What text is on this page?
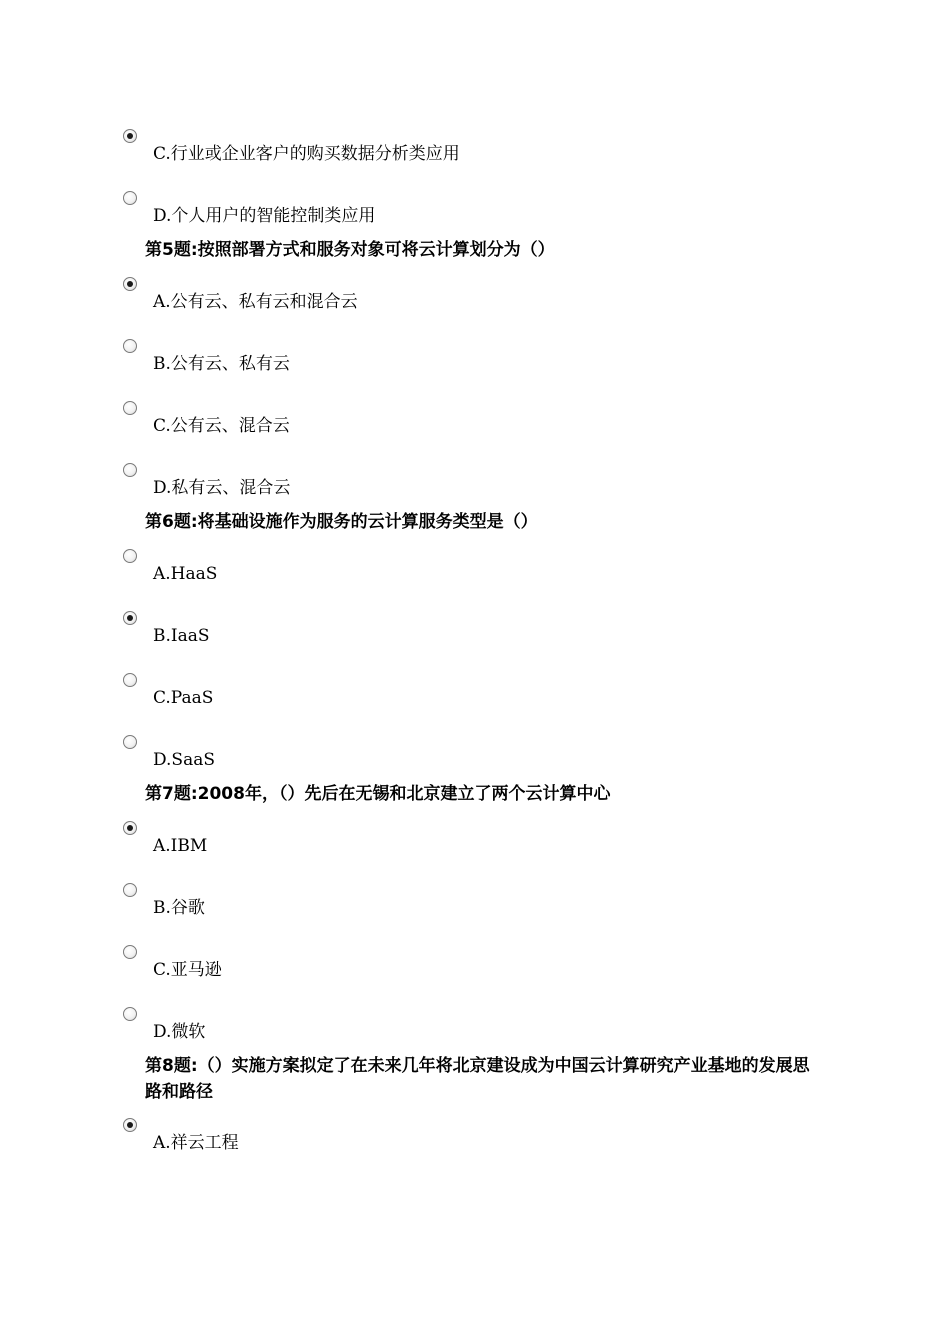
C.行业或企业客户的购买数据分析类应用
D.个人用户的智能控制类应用
第5题:按照部署方式和服务对象可将云计算划分为（）
A.公有云、私有云和混合云
B.公有云、私有云
C.公有云、混合云
D.私有云、混合云
第6题:将基础设施作为服务的云计算服务类型是（）
A.HaaS
B.IaaS
C.PaaS
D.SaaS
第7题:2008年，（）先后在无锡和北京建立了两个云计算中心
A.IBM
B.谷歌
C.亚马逊
D.微软
第8题:（）实施方案拟定了在未来几年将北京建设成为中国云计算研究产业基地的发展思路和路径
A.祥云工程
